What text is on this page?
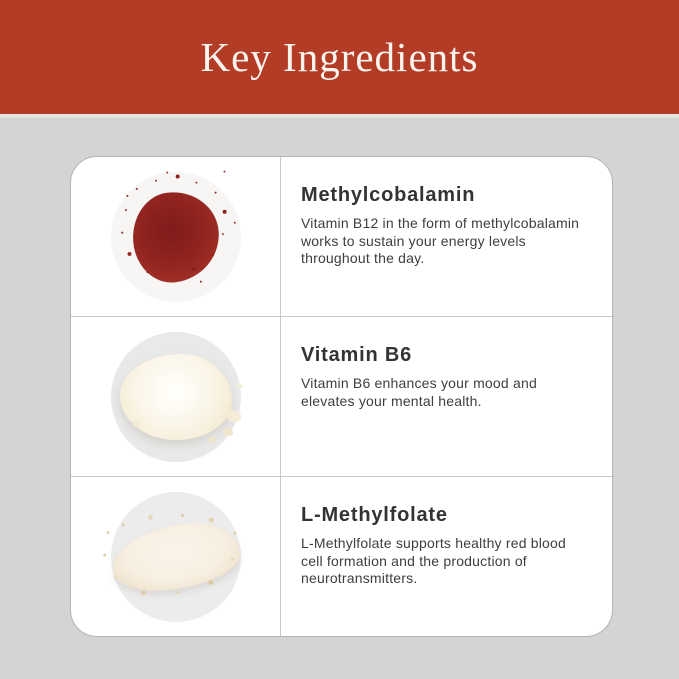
Key Ingredients
Methylcobalamin

Vitamin B12 in the form of methylcobalamin works to sustain your energy levels throughout the day.

Vitamin B6

Vitamin B6 enhances your mood and elevates your mental health.

L-Methylfolate

L-Methylfolate supports healthy red blood cell formation and the production of neurotransmitters.
